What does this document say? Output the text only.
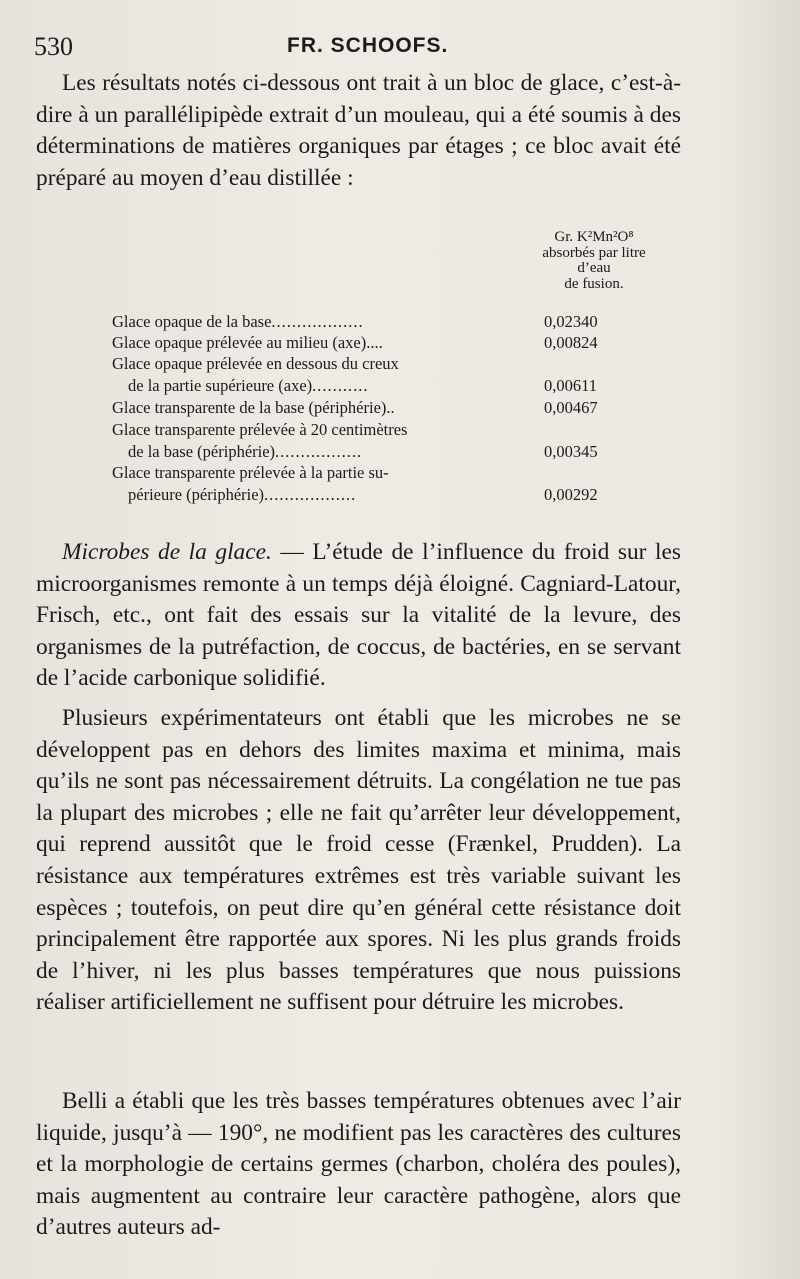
530	FR. SCHOOFS.

Les résultats notés ci-dessous ont trait à un bloc de glace, c’est-à-dire à un parallélipipède extrait d’un mouleau, qui a été soumis à des déterminations de matières organiques par étages ; ce bloc avait été préparé au moyen d’eau distillée :

Gr. K²Mn²O⁸
absorbés par litre
d’eau
de fusion.
Glace opaque de la base..................	0,02340
Glace opaque prélevée au milieu (axe)....	0,00824
Glace opaque prélevée en dessous du creux
de la partie supérieure (axe)...........	0,00611
Glace transparente de la base (périphérie)..	0,00467
Glace transparente prélevée à 20 centimètres
de la base (périphérie).................	0,00345
Glace transparente prélevée à la partie su-
périeure (périphérie)..................	0,00292

Microbes de la glace. — L’étude de l’influence du froid sur les microorganismes remonte à un temps déjà éloigné. Cagniard-Latour, Frisch, etc., ont fait des essais sur la vitalité de la levure, des organismes de la putréfaction, de coccus, de bactéries, en se servant de l’acide carbonique solidifié.

Plusieurs expérimentateurs ont établi que les microbes ne se développent pas en dehors des limites maxima et minima, mais qu’ils ne sont pas nécessairement détruits. La congélation ne tue pas la plupart des microbes ; elle ne fait qu’arrêter leur développement, qui reprend aussitôt que le froid cesse (Frænkel, Prudden). La résistance aux températures extrêmes est très variable suivant les espèces ; toutefois, on peut dire qu’en général cette résistance doit principalement être rapportée aux spores. Ni les plus grands froids de l’hiver, ni les plus basses températures que nous puissions réaliser artificiellement ne suffisent pour détruire les microbes.

Belli a établi que les très basses températures obtenues avec l’air liquide, jusqu’à — 190°, ne modifient pas les caractères des cultures et la morphologie de certains germes (charbon, choléra des poules), mais augmentent au contraire leur caractère pathogène, alors que d’autres auteurs ad-
